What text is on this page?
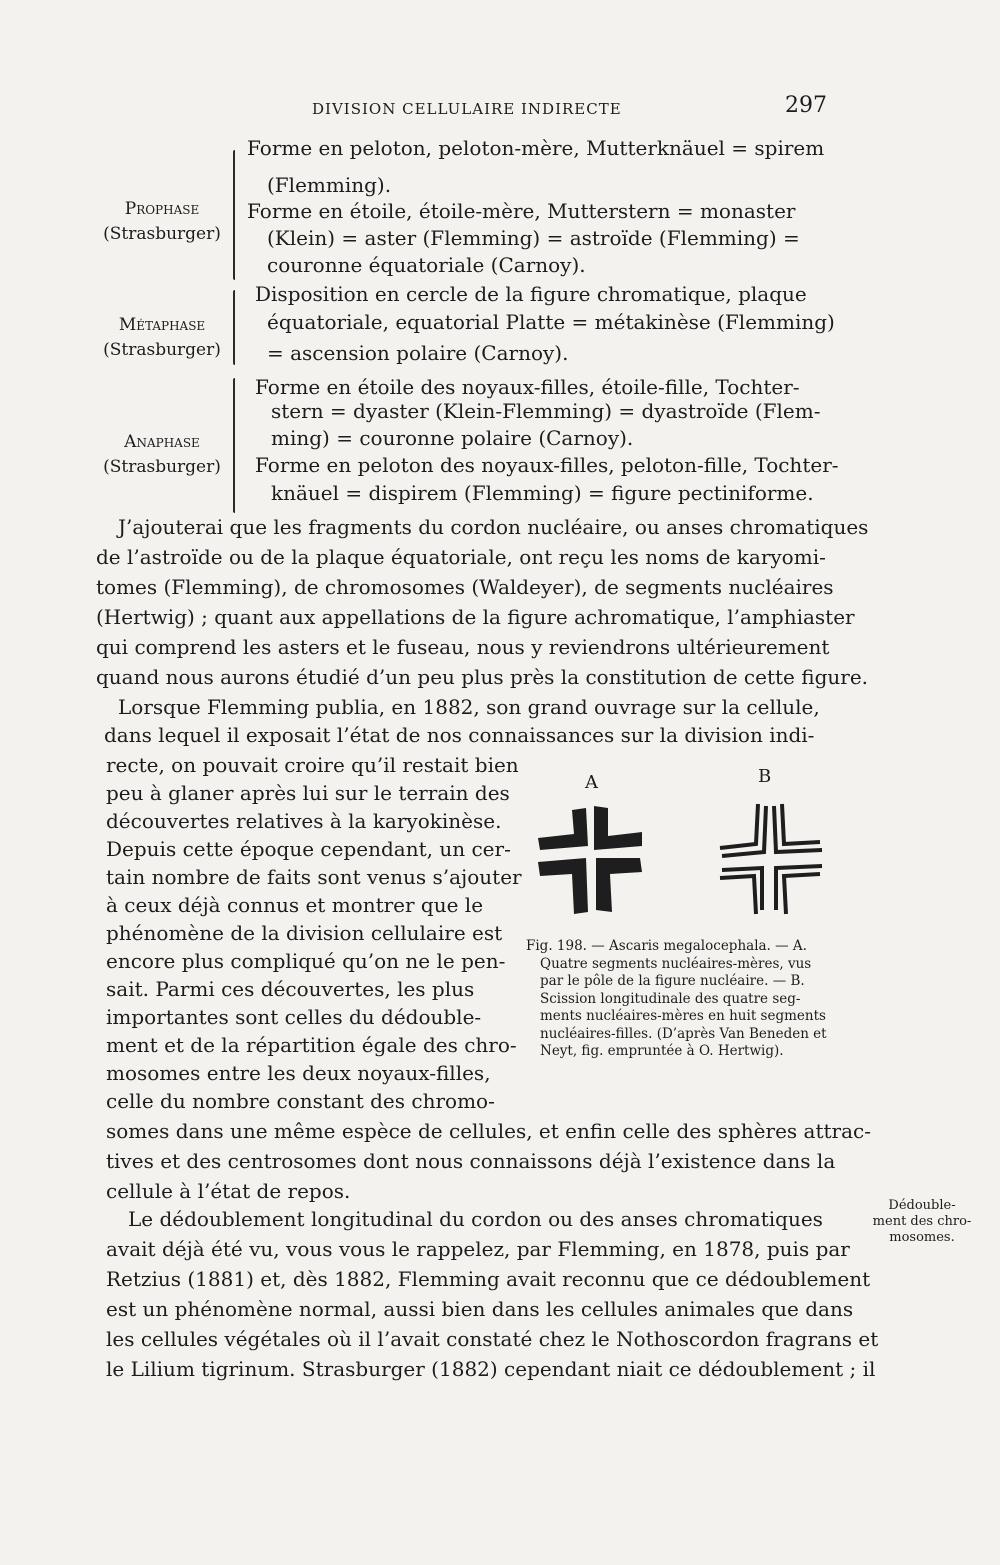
DIVISION CELLULAIRE INDIRECTE	297
Prophase
(Strasburger)
Métaphase
(Strasburger)
Anaphase
(Strasburger)
Forme en peloton, peloton-mère, Mutterknäuel = spirem
(Flemming).
Forme en étoile, étoile-mère, Mutterstern = monaster
(Klein) = aster (Flemming) = astroïde (Flemming) =
couronne équatoriale (Carnoy).
Disposition en cercle de la figure chromatique, plaque
équatoriale, equatorial Platte = métakinèse (Flemming)
= ascension polaire (Carnoy).
Forme en étoile des noyaux-filles, étoile-fille, Tochter-
stern = dyaster (Klein-Flemming) = dyastroïde (Flem-
ming) = couronne polaire (Carnoy).
Forme en peloton des noyaux-filles, peloton-fille, Tochter-
knäuel = dispirem (Flemming) = figure pectiniforme.
J’ajouterai que les fragments du cordon nucléaire, ou anses chromatiques
de l’astroïde ou de la plaque équatoriale, ont reçu les noms de karyomi-
tomes (Flemming), de chromosomes (Waldeyer), de segments nucléaires
(Hertwig) ; quant aux appellations de la figure achromatique, l’amphiaster
qui comprend les asters et le fuseau, nous y reviendrons ultérieurement
quand nous aurons étudié d’un peu plus près la constitution de cette figure.
Lorsque Flemming publia, en 1882, son grand ouvrage sur la cellule,
dans lequel il exposait l’état de nos connaissances sur la division indi-
recte, on pouvait croire qu’il restait bien
peu à glaner après lui sur le terrain des
découvertes relatives à la karyokinèse.
Depuis cette époque cependant, un cer-
tain nombre de faits sont venus s’ajouter
à ceux déjà connus et montrer que le
phénomène de la division cellulaire est
encore plus compliqué qu’on ne le pen-
sait. Parmi ces découvertes, les plus
importantes sont celles du dédouble-
ment et de la répartition égale des chro-
mosomes entre les deux noyaux-filles,
celle du nombre constant des chromo-
somes dans une même espèce de cellules, et enfin celle des sphères attrac-
tives et des centrosomes dont nous connaissons déjà l’existence dans la
cellule à l’état de repos.
Le dédoublement longitudinal du cordon ou des anses chromatiques
avait déjà été vu, vous vous le rappelez, par Flemming, en 1878, puis par
Retzius (1881) et, dès 1882, Flemming avait reconnu que ce dédoublement
est un phénomène normal, aussi bien dans les cellules animales que dans
les cellules végétales où il l’avait constaté chez le Nothoscordon fragrans et
le Lilium tigrinum. Strasburger (1882) cependant niait ce dédoublement ; il
Dédouble-
ment des chro-
mosomes.
A	B
Fig. 198. — Ascaris megalocephala. — A.
Quatre segments nucléaires-mères, vus
par le pôle de la figure nucléaire. — B.
Scission longitudinale des quatre seg-
ments nucléaires-mères en huit segments
nucléaires-filles. (D’après Van Beneden et
Neyt, fig. empruntée à O. Hertwig).
